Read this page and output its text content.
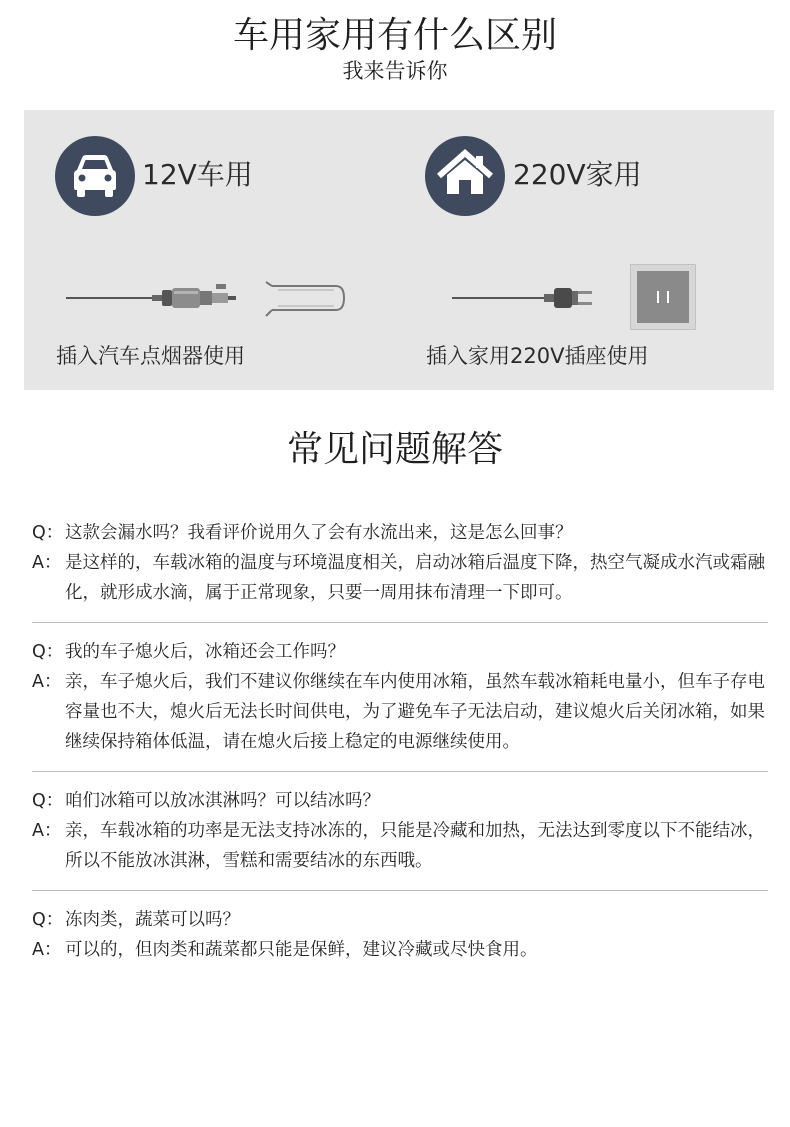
车用家用有什么区别
我来告诉你
12V车用
插入汽车点烟器使用
220V家用
插入家用220V插座使用
常见问题解答
Q： 这款会漏水吗？我看评价说用久了会有水流出来，这是怎么回事？
A： 是这样的，车载冰箱的温度与环境温度相关，启动冰箱后温度下降，热空气凝成水汽或霜融化，就形成水滴，属于正常现象，只要一周用抹布清理一下即可。
Q： 我的车子熄火后，冰箱还会工作吗？
A： 亲，车子熄火后，我们不建议你继续在车内使用冰箱，虽然车载冰箱耗电量小，但车子存电容量也不大，熄火后无法长时间供电，为了避免车子无法启动，建议熄火后关闭冰箱，如果继续保持箱体低温，请在熄火后接上稳定的电源继续使用。
Q： 咱们冰箱可以放冰淇淋吗？可以结冰吗？
A： 亲，车载冰箱的功率是无法支持冰冻的，只能是冷藏和加热，无法达到零度以下不能结冰，所以不能放冰淇淋，雪糕和需要结冰的东西哦。
Q： 冻肉类，蔬菜可以吗？
A： 可以的，但肉类和蔬菜都只能是保鲜，建议冷藏或尽快食用。
